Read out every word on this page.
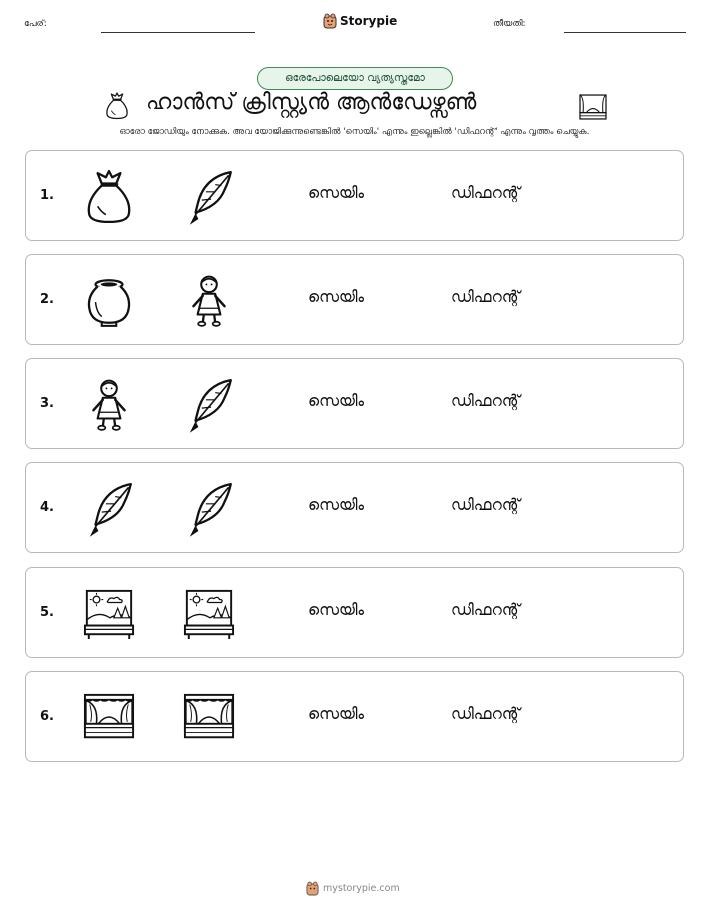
പേര്:	Storypie	തീയതി:
ഒരേപോലെയോ വ്യത്യസ്തമോ
ഹാൻസ് ക്രിസ്റ്റ്യൻ ആൻഡേഴ്സൺ
ഓരോ ജോഡിയും നോക്കുക. അവ യോജിക്കുന്നുണ്ടെങ്കിൽ 'സെയിം' എന്നും ഇല്ലെങ്കിൽ 'ഡിഫറന്റ്' എന്നും വൃത്തം ചെയ്യുക.
1.	സെയിം	ഡിഫറന്റ്
2.	സെയിം	ഡിഫറന്റ്
3.	സെയിം	ഡിഫറന്റ്
4.	സെയിം	ഡിഫറന്റ്
5.	സെയിം	ഡിഫറന്റ്
6.	സെയിം	ഡിഫറന്റ്
mystorypie.com
